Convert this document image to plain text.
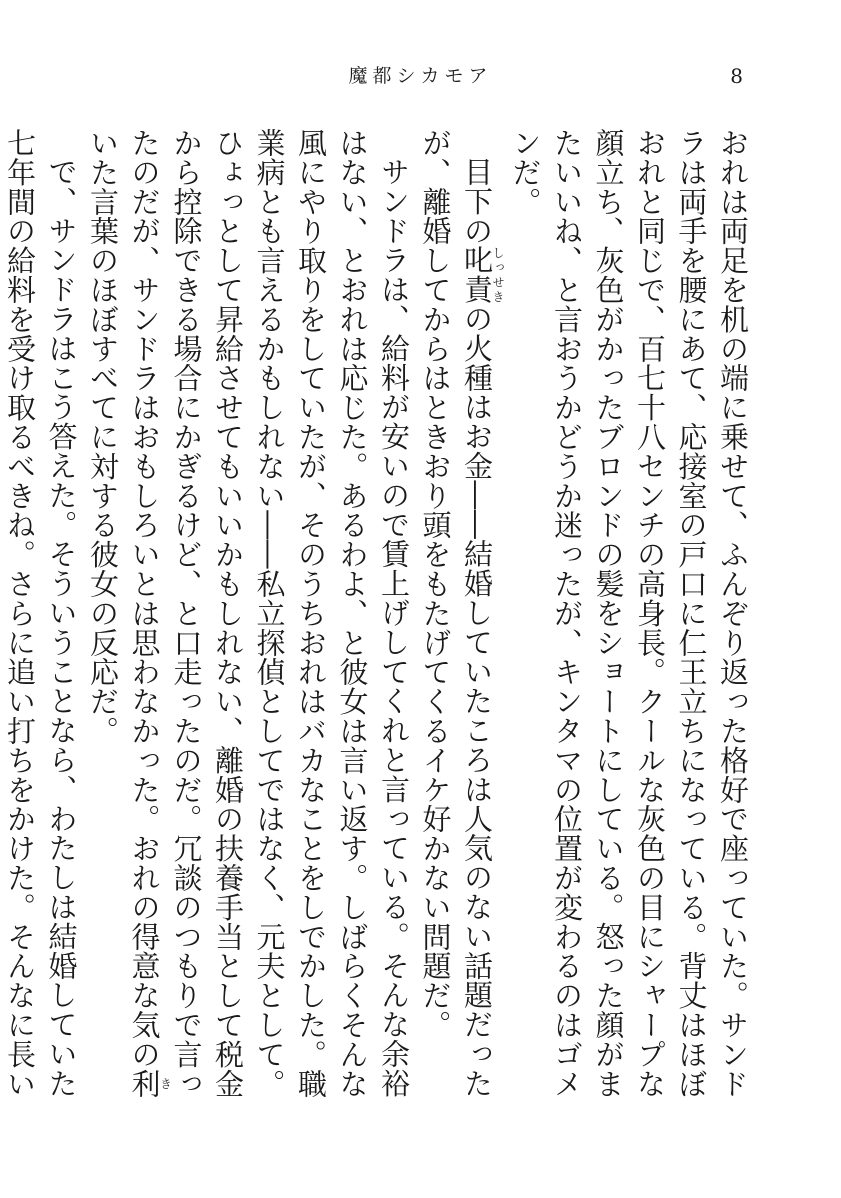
魔都シカモア	8

おれは両足を机の端に乗せて、ふんぞり返った格好で座っていた。サンドラは両手を腰にあて、応接室の戸口に仁王立ちになっている。背丈はほぼおれと同じで、百七十八センチの高身長。クールな灰色の目にシャープな顔立ち、灰色がかったブロンドの髪をショートにしている。怒った顔がまたいいね、と言おうかどうか迷ったが、キンタマの位置が変わるのはゴメンだ。

目下の叱責しっせきの火種はお金――結婚していたころは人気のない話題だったが、離婚してからはときおり頭をもたげてくるイケ好かない問題だ。

サンドラは、給料が安いので賃上げしてくれと言っている。そんな余裕はない、とおれは応じた。あるわよ、と彼女は言い返す。しばらくそんな風にやり取りをしていたが、そのうちおれはバカなことをしでかした。職業病とも言えるかもしれない――私立探偵としてではなく、元夫として。ひょっとして昇給させてもいいかもしれない、離婚の扶養手当として税金から控除できる場合にかぎるけど、と口走ったのだ。冗談のつもりで言ったのだが、サンドラはおもしろいとは思わなかった。おれの得意な気の利きいた言葉のほぼすべてに対する彼女の反応だ。

で、サンドラはこう答えた。そういうことなら、わたしは結婚していた七年間の給料を受け取るべきね。さらに追い打ちをかけた。そんなに長い
